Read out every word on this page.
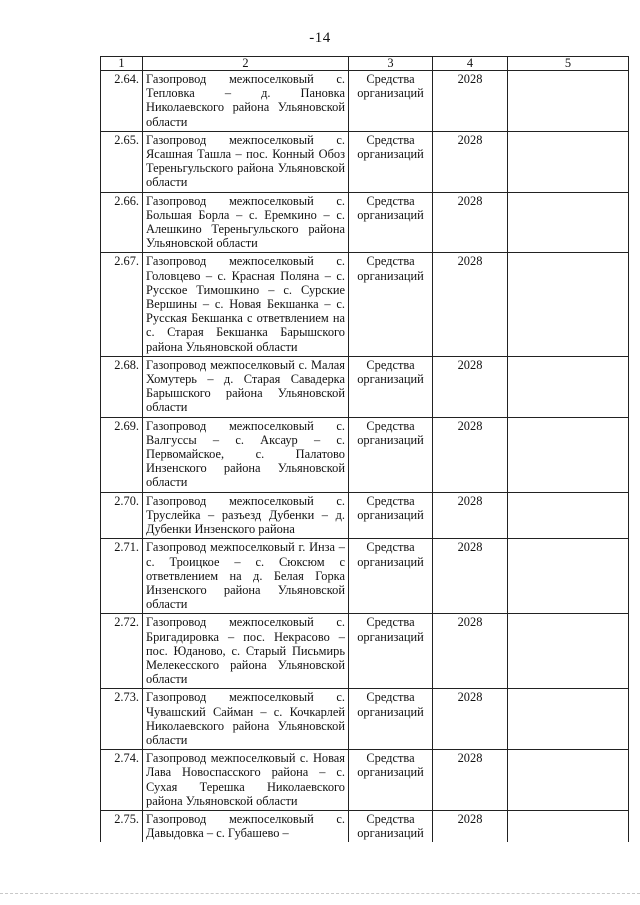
-14
1	2	3	4	5
2.64.	Газопровод межпоселковый с. Тепловка – д. Пановка Николаевского района Ульяновской области	Средства организаций	2028	
2.65.	Газопровод межпоселковый с. Ясашная Ташла – пос. Конный Обоз Тереньгульского района Ульяновской области	Средства организаций	2028	
2.66.	Газопровод межпоселковый с. Большая Борла – с. Еремкино – с. Алешкино Тереньгульского района Ульяновской области	Средства организаций	2028	
2.67.	Газопровод межпоселковый с. Головцево – с. Красная Поляна – с. Русское Тимошкино – с. Сурские Вершины – с. Новая Бекшанка – с. Русская Бекшанка с ответвлением на с. Старая Бекшанка Барышского района Ульяновской области	Средства организаций	2028	
2.68.	Газопровод межпоселковый с. Малая Хомутерь – д. Старая Савадерка Барышского района Ульяновской области	Средства организаций	2028	
2.69.	Газопровод межпоселковый с. Валгуссы – с. Аксаур – с. Первомайское, с. Палатово Инзенского района Ульяновской области	Средства организаций	2028	
2.70.	Газопровод межпоселковый с. Труслейка – разъезд Дубенки – д. Дубенки Инзенского района	Средства организаций	2028	
2.71.	Газопровод межпоселковый г. Инза – с. Троицкое – с. Сюксюм с ответвлением на д. Белая Горка Инзенского района Ульяновской области	Средства организаций	2028	
2.72.	Газопровод межпоселковый с. Бригадировка – пос. Некрасово – пос. Юданово, с. Старый Письмирь Мелекесского района Ульяновской области	Средства организаций	2028	
2.73.	Газопровод межпоселковый с. Чувашский Сайман – с. Кочкарлей Николаевского района Ульяновской области	Средства организаций	2028	
2.74.	Газопровод межпоселковый с. Новая Лава Новоспасского района – с. Сухая Терешка Николаевского района Ульяновской области	Средства организаций	2028	
2.75.	Газопровод межпоселковый с. Давыдовка – с. Губашево –	Средства организаций	2028	
